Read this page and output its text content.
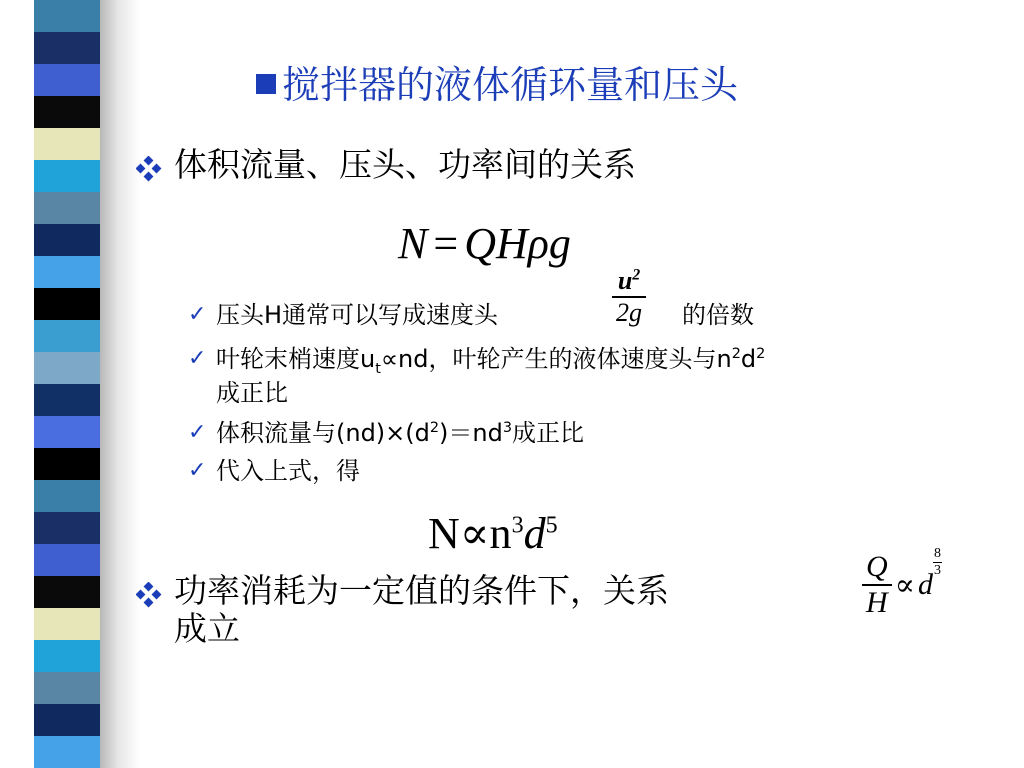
搅拌器的液体循环量和压头
体积流量、压头、功率间的关系
N = QHρg
✓ 压头H通常可以写成速度头	$\frac{u^2}{2g}$ 的倍数
✓ 叶轮末梢速度$u_t\propto nd$，叶轮产生的液体速度头与$n^2d^2$
成正比
✓ 体积流量与$(nd)\times(d^2)=nd^3$成正比
✓ 代入上式，得
$N\propto n^3d^5$
功率消耗为一定值的条件下，关系
成立
$\frac{Q}{H} \propto d$
$\frac{8}{3}$
